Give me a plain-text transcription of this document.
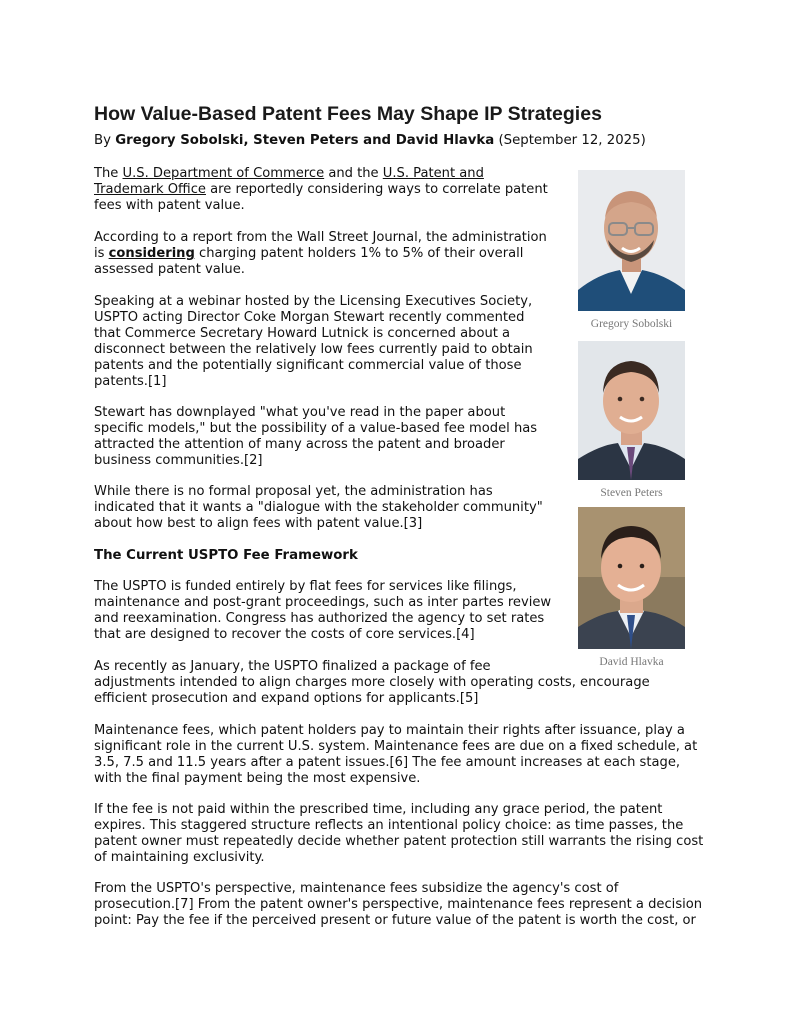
How Value-Based Patent Fees May Shape IP Strategies
By Gregory Sobolski, Steven Peters and David Hlavka (September 12, 2025)

The U.S. Department of Commerce and the U.S. Patent and
Trademark Office are reportedly considering ways to correlate patent
fees with patent value.

According to a report from the Wall Street Journal, the administration
is considering charging patent holders 1% to 5% of their overall
assessed patent value.

Speaking at a webinar hosted by the Licensing Executives Society,
USPTO acting Director Coke Morgan Stewart recently commented
that Commerce Secretary Howard Lutnick is concerned about a
disconnect between the relatively low fees currently paid to obtain
patents and the potentially significant commercial value of those
patents.[1]

Stewart has downplayed "what you've read in the paper about
specific models," but the possibility of a value-based fee model has
attracted the attention of many across the patent and broader
business communities.[2]

While there is no formal proposal yet, the administration has
indicated that it wants a "dialogue with the stakeholder community"
about how best to align fees with patent value.[3]

The Current USPTO Fee Framework

The USPTO is funded entirely by flat fees for services like filings,
maintenance and post-grant proceedings, such as inter partes review
and reexamination. Congress has authorized the agency to set rates
that are designed to recover the costs of core services.[4]

As recently as January, the USPTO finalized a package of fee
adjustments intended to align charges more closely with operating costs, encourage
efficient prosecution and expand options for applicants.[5]

Maintenance fees, which patent holders pay to maintain their rights after issuance, play a
significant role in the current U.S. system. Maintenance fees are due on a fixed schedule, at
3.5, 7.5 and 11.5 years after a patent issues.[6] The fee amount increases at each stage,
with the final payment being the most expensive.

If the fee is not paid within the prescribed time, including any grace period, the patent
expires. This staggered structure reflects an intentional policy choice: as time passes, the
patent owner must repeatedly decide whether patent protection still warrants the rising cost
of maintaining exclusivity.

From the USPTO's perspective, maintenance fees subsidize the agency's cost of
prosecution.[7] From the patent owner's perspective, maintenance fees represent a decision
point: Pay the fee if the perceived present or future value of the patent is worth the cost, or

Gregory Sobolski
Steven Peters
David Hlavka
